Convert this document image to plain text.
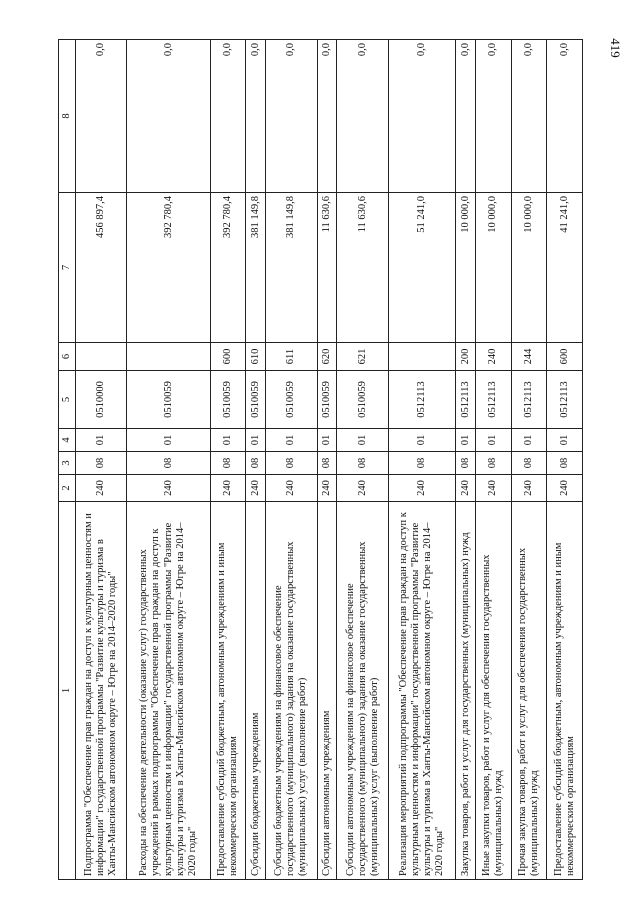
419
1	2	3	4	5	6	7	8
Подпрограмма "Обеспечение прав граждан на доступ к культурным ценностям и информации" государственной программы "Развитие культуры и туризма в Ханты-Мансийском автономном округе – Югре на 2014–2020 годы"	240	08	01	0510000		456 897,4	0,0
Расходы на обеспечение деятельности (оказание услуг) государственных учреждений в рамках подпрограммы "Обеспечение прав граждан на доступ к культурным ценностям и информации" государственной программы "Развитие культуры и туризма в Ханты-Мансийском автономном округе – Югре на 2014–2020 годы"	240	08	01	0510059		392 780,4	0,0
Предоставление субсидий бюджетным, автономным учреждениям и иным некоммерческим организациям	240	08	01	0510059	600	392 780,4	0,0
Субсидии бюджетным учреждениям	240	08	01	0510059	610	381 149,8	0,0
Субсидии бюджетным учреждениям на финансовое обеспечение государственного (муниципального) задания на оказание государственных (муниципальных) услуг (выполнение работ)	240	08	01	0510059	611	381 149,8	0,0
Субсидии автономным учреждениям	240	08	01	0510059	620	11 630,6	0,0
Субсидии автономным учреждениям на финансовое обеспечение государственного (муниципального) задания на оказание государственных (муниципальных) услуг (выполнение работ)	240	08	01	0510059	621	11 630,6	0,0
Реализация мероприятий подпрограммы "Обеспечение прав граждан на доступ к культурным ценностям и информации" государственной программы "Развитие культуры и туризма в Ханты-Мансийском автономном округе – Югре на 2014–2020 годы"	240	08	01	0512113		51 241,0	0,0
Закупка товаров, работ и услуг для государственных (муниципальных) нужд	240	08	01	0512113	200	10 000,0	0,0
Иные закупки товаров, работ и услуг для обеспечения государственных (муниципальных) нужд	240	08	01	0512113	240	10 000,0	0,0
Прочая закупка товаров, работ и услуг для обеспечения государственных (муниципальных) нужд	240	08	01	0512113	244	10 000,0	0,0
Предоставление субсидий бюджетным, автономным учреждениям и иным некоммерческим организациям	240	08	01	0512113	600	41 241,0	0,0
